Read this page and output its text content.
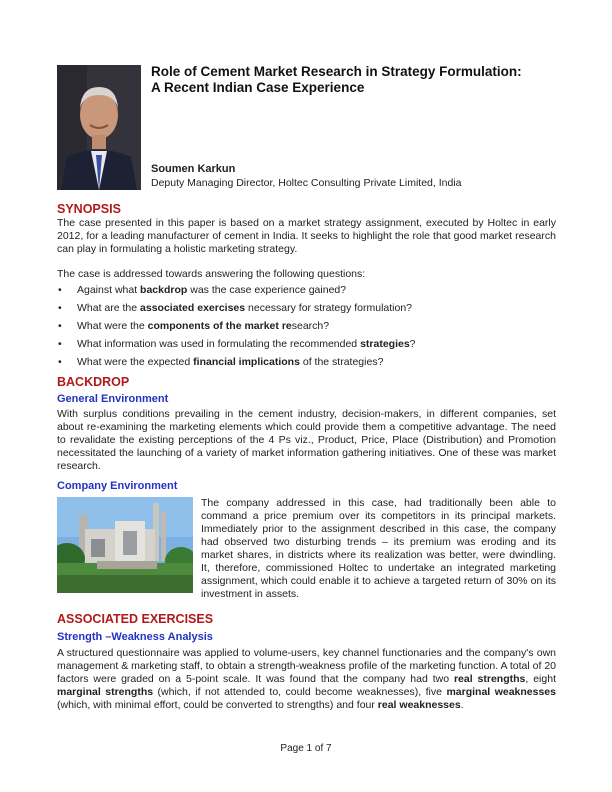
Role of Cement Market Research in Strategy Formulation:
A Recent Indian Case Experience
Soumen Karkun
Deputy Managing Director, Holtec Consulting Private Limited, India

SYNOPSIS

The case presented in this paper is based on a market strategy assignment, executed by Holtec in early 2012, for a leading manufacturer of cement in India. It seeks to highlight the role that good market research can play in formulating a holistic marketing strategy.

The case is addressed towards answering the following questions:

• Against what backdrop was the case experience gained?
• What are the associated exercises necessary for strategy formulation?
• What were the components of the market research?
• What information was used in formulating the recommended strategies?
• What were the expected financial implications of the strategies?

BACKDROP

General Environment

With surplus conditions prevailing in the cement industry, decision-makers, in different companies, set about re-examining the marketing elements which could provide them a competitive advantage. The need to revalidate the existing perceptions of the 4 Ps viz., Product, Price, Place (Distribution) and Promotion necessitated the launching of a variety of market information gathering initiatives. One of these was market research.

Company Environment

The company addressed in this case, had traditionally been able to command a price premium over its competitors in its principal markets. Immediately prior to the assignment described in this case, the company had observed two disturbing trends – its premium was eroding and its market shares, in districts where its realization was better, were dwindling. It, therefore, commissioned Holtec to undertake an integrated marketing assignment, which could enable it to achieve a targeted return of 30% on its investment in assets.

ASSOCIATED EXERCISES

Strength –Weakness Analysis

A structured questionnaire was applied to volume-users, key channel functionaries and the company's own management & marketing staff, to obtain a strength-weakness profile of the marketing function. A total of 20 factors were graded on a 5-point scale. It was found that the company had two real strengths, eight marginal strengths (which, if not attended to, could become weaknesses), five marginal weaknesses (which, with minimal effort, could be converted to strengths) and four real weaknesses.

Page 1 of 7
